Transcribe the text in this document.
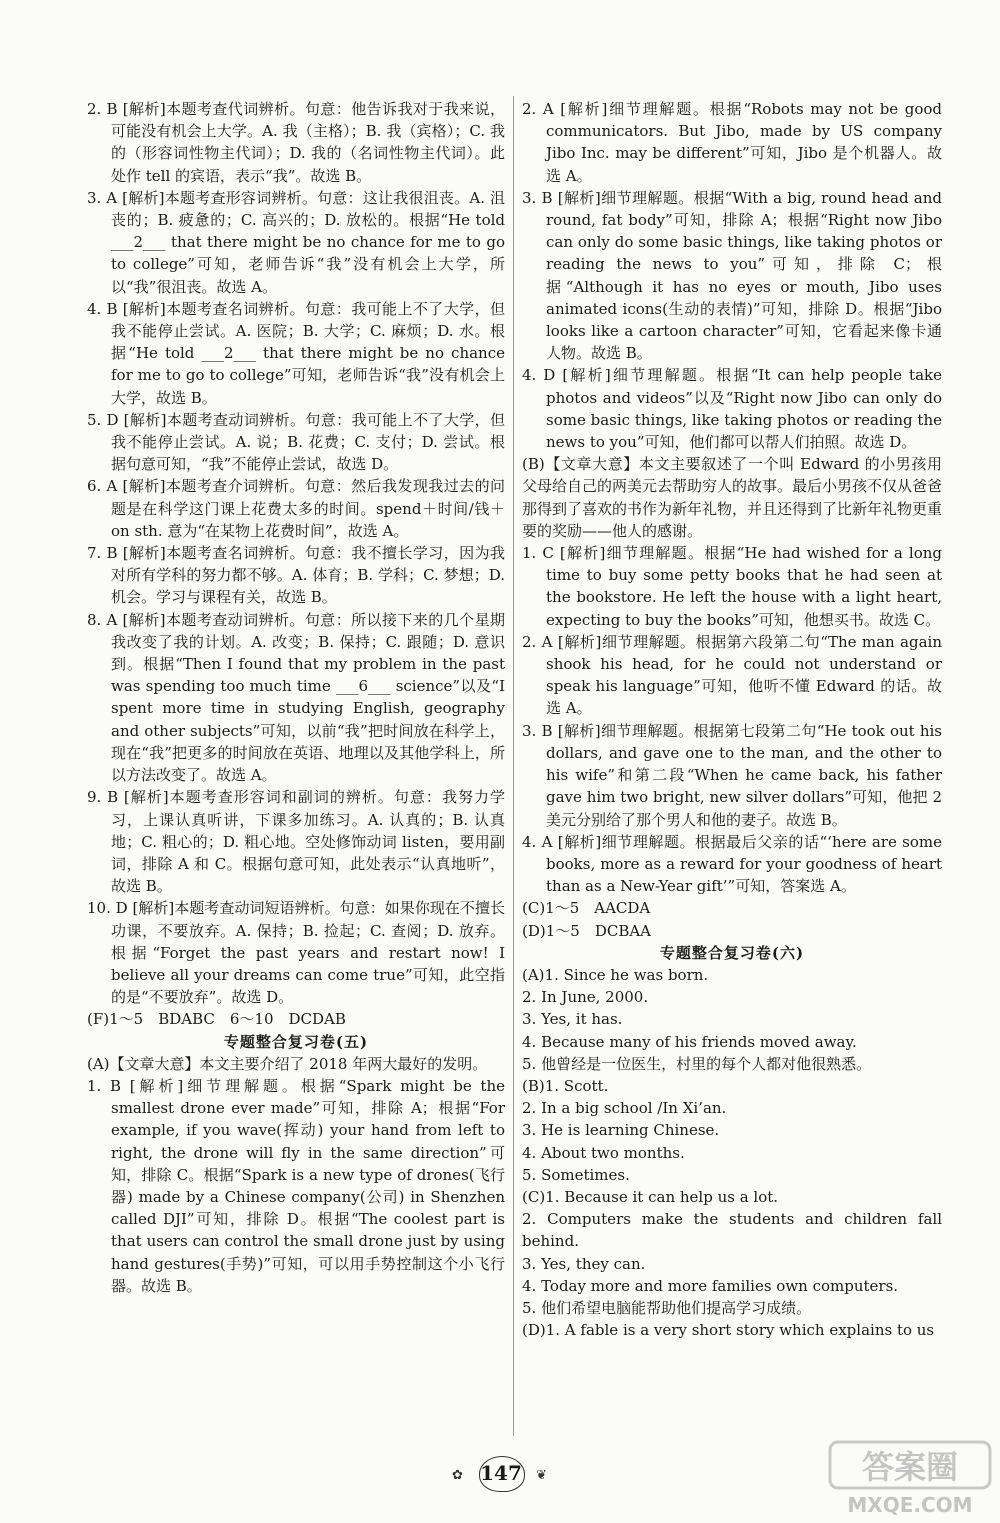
2. B [解析]本题考查代词辨析。句意：他告诉我对于我来说，可能没有机会上大学。A. 我（主格）；B. 我（宾格）；C. 我的（形容词性物主代词）；D. 我的（名词性物主代词）。此处作 tell 的宾语，表示“我”。故选 B。

3. A [解析]本题考查形容词辨析。句意：这让我很沮丧。A. 沮丧的；B. 疲惫的；C. 高兴的；D. 放松的。根据“He told ___2___ that there might be no chance for me to go to college”可知，老师告诉“我”没有机会上大学，所以“我”很沮丧。故选 A。

4. B [解析]本题考查名词辨析。句意：我可能上不了大学，但我不能停止尝试。A. 医院；B. 大学；C. 麻烦；D. 水。根据“He told ___2___ that there might be no chance for me to go to college”可知，老师告诉“我”没有机会上大学，故选 B。

5. D [解析]本题考查动词辨析。句意：我可能上不了大学，但我不能停止尝试。A. 说；B. 花费；C. 支付；D. 尝试。根据句意可知，“我”不能停止尝试，故选 D。

6. A [解析]本题考查介词辨析。句意：然后我发现我过去的问题是在科学这门课上花费太多的时间。spend＋时间/钱＋on sth. 意为“在某物上花费时间”，故选 A。

7. B [解析]本题考查名词辨析。句意：我不擅长学习，因为我对所有学科的努力都不够。A. 体育；B. 学科；C. 梦想；D. 机会。学习与课程有关，故选 B。

8. A [解析]本题考查动词辨析。句意：所以接下来的几个星期我改变了我的计划。A. 改变；B. 保持；C. 跟随；D. 意识到。根据“Then I found that my problem in the past was spending too much time ___6___ science”以及“I spent more time in studying English, geography and other subjects”可知，以前“我”把时间放在科学上，现在“我”把更多的时间放在英语、地理以及其他学科上，所以方法改变了。故选 A。

9. B [解析]本题考查形容词和副词的辨析。句意：我努力学习，上课认真听讲，下课多加练习。A. 认真的；B. 认真地；C. 粗心的；D. 粗心地。空处修饰动词 listen，要用副词，排除 A 和 C。根据句意可知，此处表示“认真地听”，故选 B。

10. D [解析]本题考查动词短语辨析。句意：如果你现在不擅长功课，不要放弃。A. 保持；B. 捡起；C. 查阅；D. 放弃。根据“Forget the past years and restart now! I believe all your dreams can come true”可知，此空指的是“不要放弃”。故选 D。

(F)1～5　BDABC　6～10　DCDAB

专题整合复习卷(五)

(A)【文章大意】本文主要介绍了 2018 年两大最好的发明。

1. B [解析]细节理解题。根据“Spark might be the smallest drone ever made”可知，排除 A；根据“For example, if you wave(挥动) your hand from left to right, the drone will fly in the same direction”可知，排除 C。根据“Spark is a new type of drones(飞行器) made by a Chinese company(公司) in Shenzhen called DJI”可知，排除 D。根据“The coolest part is that users can control the small drone just by using hand gestures(手势)”可知，可以用手势控制这个小飞行器。故选 B。

2. A [解析]细节理解题。根据“Robots may not be good communicators. But Jibo, made by US company Jibo Inc. may be different”可知，Jibo 是个机器人。故选 A。

3. B [解析]细节理解题。根据“With a big, round head and round, fat body”可知，排除 A；根据“Right now Jibo can only do some basic things, like taking photos or reading the news to you”可知，排除 C；根据“Although it has no eyes or mouth, Jibo uses animated icons(生动的表情)”可知，排除 D。根据“Jibo looks like a cartoon character”可知，它看起来像卡通人物。故选 B。

4. D [解析]细节理解题。根据“It can help people take photos and videos”以及“Right now Jibo can only do some basic things, like taking photos or reading the news to you”可知，他们都可以帮人们拍照。故选 D。

(B)【文章大意】本文主要叙述了一个叫 Edward 的小男孩用父母给自己的两美元去帮助穷人的故事。最后小男孩不仅从爸爸那得到了喜欢的书作为新年礼物，并且还得到了比新年礼物更重要的奖励——他人的感谢。

1. C [解析]细节理解题。根据“He had wished for a long time to buy some petty books that he had seen at the bookstore. He left the house with a light heart, expecting to buy the books”可知，他想买书。故选 C。

2. A [解析]细节理解题。根据第六段第二句“The man again shook his head, for he could not understand or speak his language”可知，他听不懂 Edward 的话。故选 A。

3. B [解析]细节理解题。根据第七段第二句“He took out his dollars, and gave one to the man, and the other to his wife”和第二段“When he came back, his father gave him two bright, new silver dollars”可知，他把 2 美元分别给了那个男人和他的妻子。故选 B。

4. A [解析]细节理解题。根据最后父亲的话“‘here are some books, more as a reward for your goodness of heart than as a New-Year gift’”可知，答案选 A。

(C)1～5　AACDA

(D)1～5　DCBAA

专题整合复习卷(六)

(A)1. Since he was born.

2. In June, 2000.

3. Yes, it has.

4. Because many of his friends moved away.

5. 他曾经是一位医生，村里的每个人都对他很熟悉。

(B)1. Scott.

2. In a big school /In Xi’an.

3. He is learning Chinese.

4. About two months.

5. Sometimes.

(C)1. Because it can help us a lot.

2. Computers make the students and children fall behind.

3. Yes, they can.

4. Today more and more families own computers.

5. 他们希望电脑能帮助他们提高学习成绩。

(D)1. A fable is a very short story which explains to us

✿ 147	❦	答案圈
MXQE.COM
